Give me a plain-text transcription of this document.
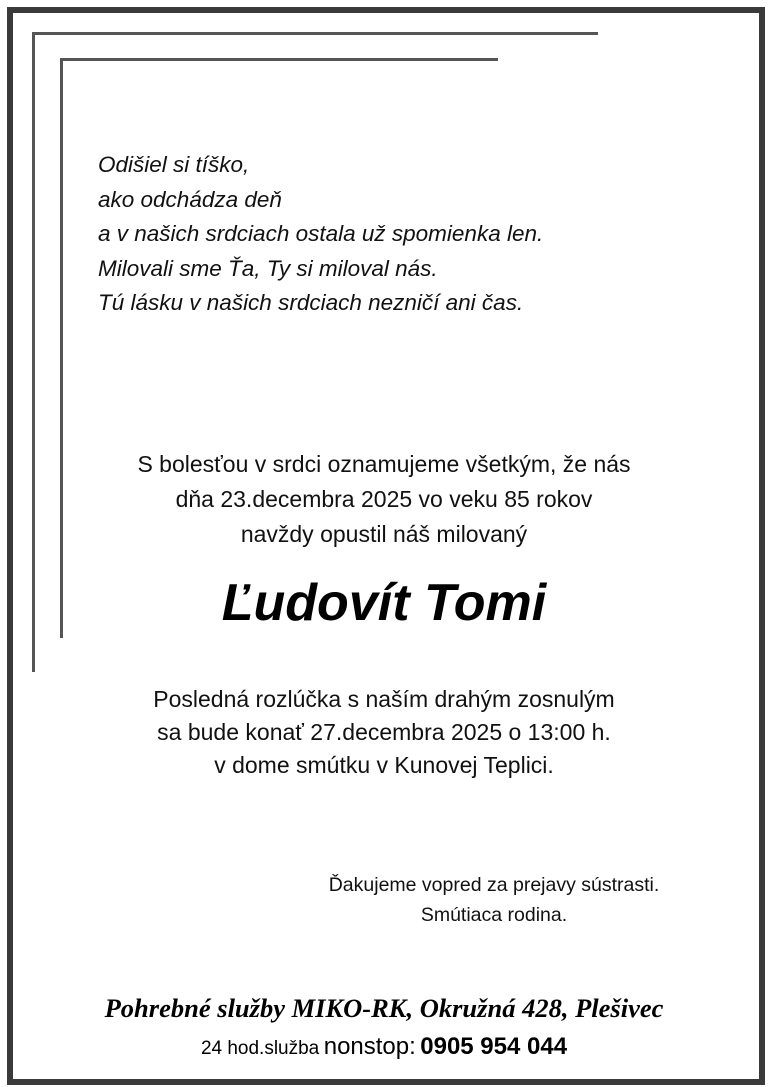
Odišiel si tíško,
ako odchádza deň
a v našich srdciach ostala už spomienka len.
Milovali sme Ťa, Ty si miloval nás.
Tú lásku v našich srdciach nezničí ani čas.
S bolesťou v srdci oznamujeme všetkým, že nás
dňa 23.decembra 2025 vo veku 85 rokov
navždy opustil náš milovaný
Ľudovít Tomi
Posledná rozlúčka s naším drahým zosnulým
sa bude konať 27.decembra 2025 o 13:00 h.
v dome smútku v Kunovej Teplici.
Ďakujeme vopred za prejavy sústrasti.
Smútiaca rodina.
Pohrebné služby MIKO-RK, Okružná 428, Plešivec
24 hod.služba nonstop: 0905 954 044
